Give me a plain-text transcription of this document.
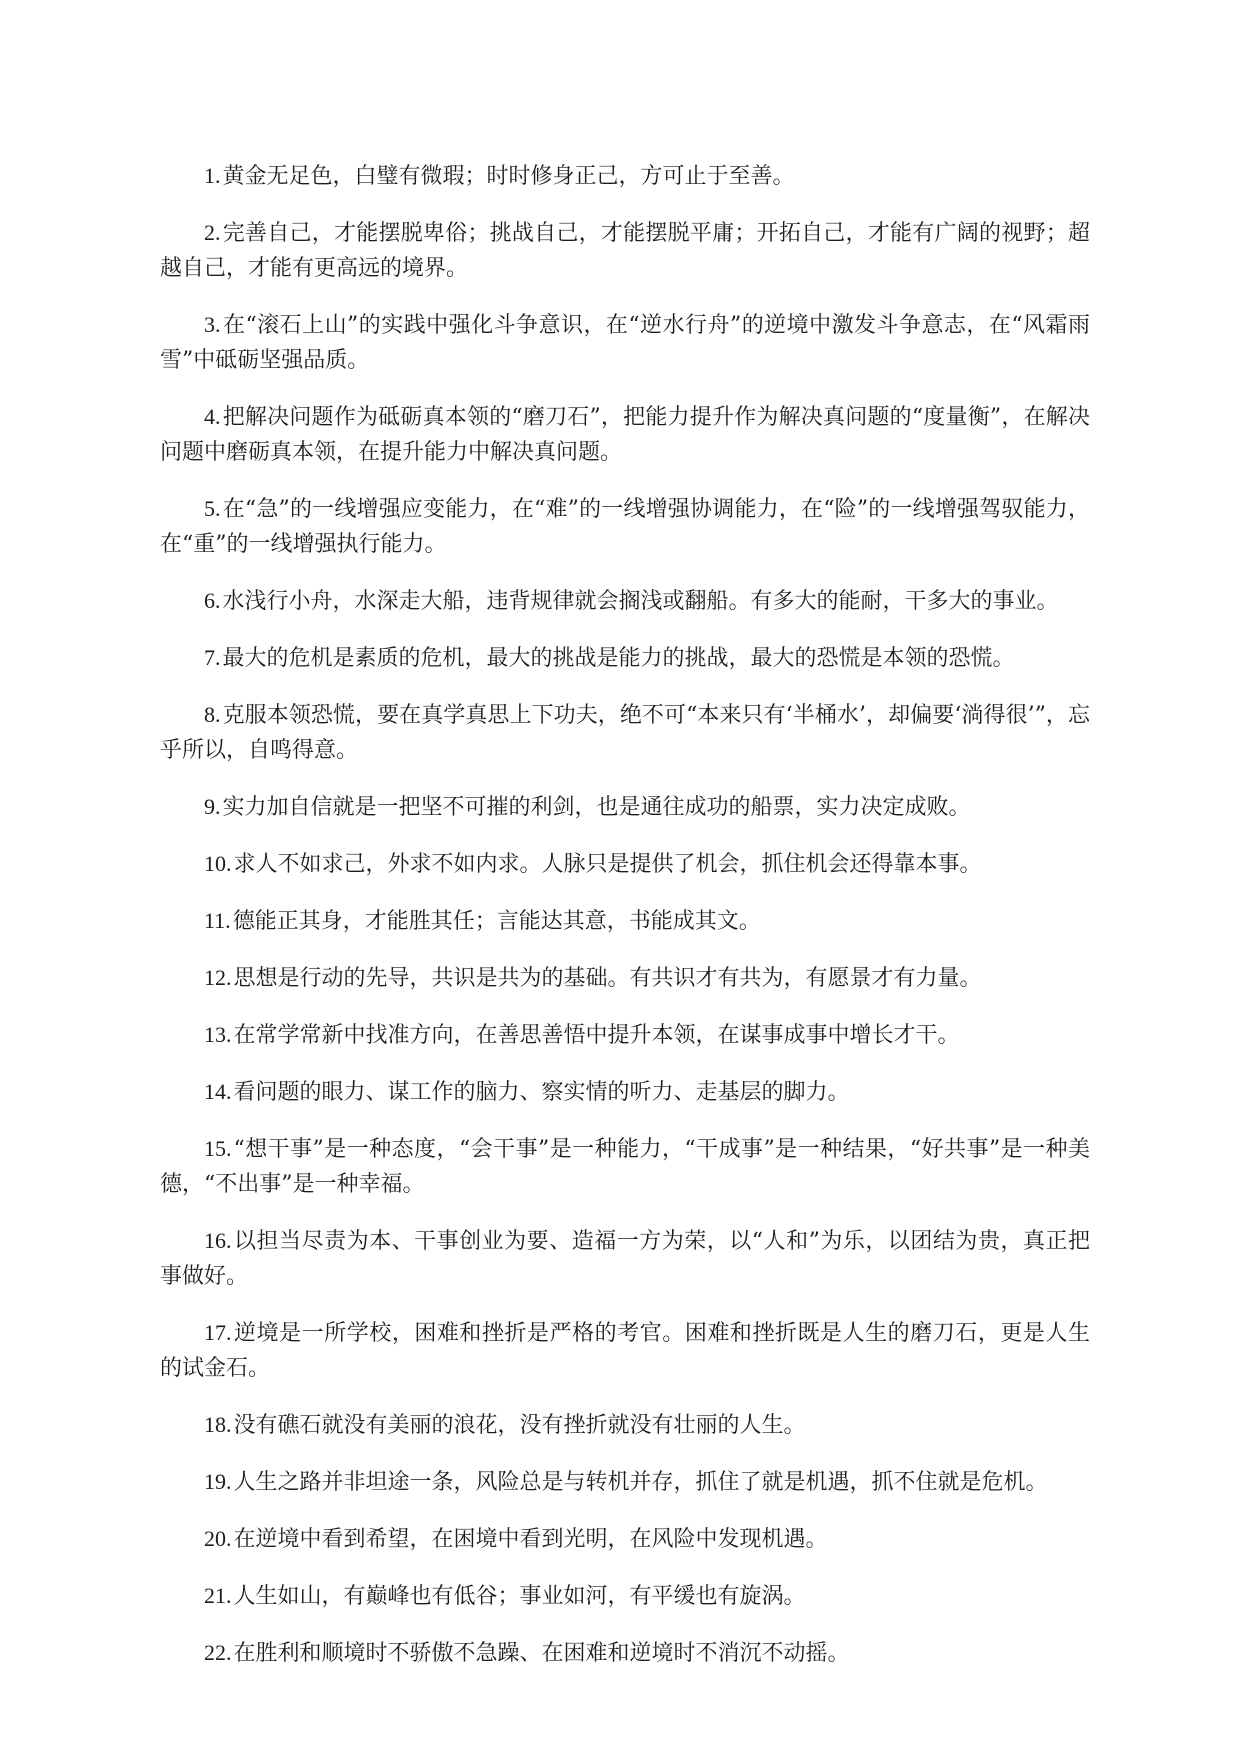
1.黄金无足色，白璧有微瑕；时时修身正己，方可止于至善。

2.完善自己，才能摆脱卑俗；挑战自己，才能摆脱平庸；开拓自己，才能有广阔的视野；超越自己，才能有更高远的境界。

3.在“滚石上山”的实践中强化斗争意识，在“逆水行舟”的逆境中激发斗争意志，在“风霜雨雪”中砥砺坚强品质。

4.把解决问题作为砥砺真本领的“磨刀石”，把能力提升作为解决真问题的“度量衡”，在解决问题中磨砺真本领，在提升能力中解决真问题。

5.在“急”的一线增强应变能力，在“难”的一线增强协调能力，在“险”的一线增强驾驭能力，在“重”的一线增强执行能力。

6.水浅行小舟，水深走大船，违背规律就会搁浅或翻船。有多大的能耐，干多大的事业。

7.最大的危机是素质的危机，最大的挑战是能力的挑战，最大的恐慌是本领的恐慌。

8.克服本领恐慌，要在真学真思上下功夫，绝不可“本来只有‘半桶水’，却偏要‘淌得很’”，忘乎所以，自鸣得意。

9.实力加自信就是一把坚不可摧的利剑，也是通往成功的船票，实力决定成败。

10.求人不如求己，外求不如内求。人脉只是提供了机会，抓住机会还得靠本事。

11.德能正其身，才能胜其任；言能达其意，书能成其文。

12.思想是行动的先导，共识是共为的基础。有共识才有共为，有愿景才有力量。

13.在常学常新中找准方向，在善思善悟中提升本领，在谋事成事中增长才干。

14.看问题的眼力、谋工作的脑力、察实情的听力、走基层的脚力。

15.“想干事”是一种态度，“会干事”是一种能力，“干成事”是一种结果，“好共事”是一种美德，“不出事”是一种幸福。

16.以担当尽责为本、干事创业为要、造福一方为荣，以“人和”为乐，以团结为贵，真正把事做好。

17.逆境是一所学校，困难和挫折是严格的考官。困难和挫折既是人生的磨刀石，更是人生的试金石。

18.没有礁石就没有美丽的浪花，没有挫折就没有壮丽的人生。

19.人生之路并非坦途一条，风险总是与转机并存，抓住了就是机遇，抓不住就是危机。

20.在逆境中看到希望，在困境中看到光明，在风险中发现机遇。

21.人生如山，有巅峰也有低谷；事业如河，有平缓也有旋涡。

22.在胜利和顺境时不骄傲不急躁、在困难和逆境时不消沉不动摇。
